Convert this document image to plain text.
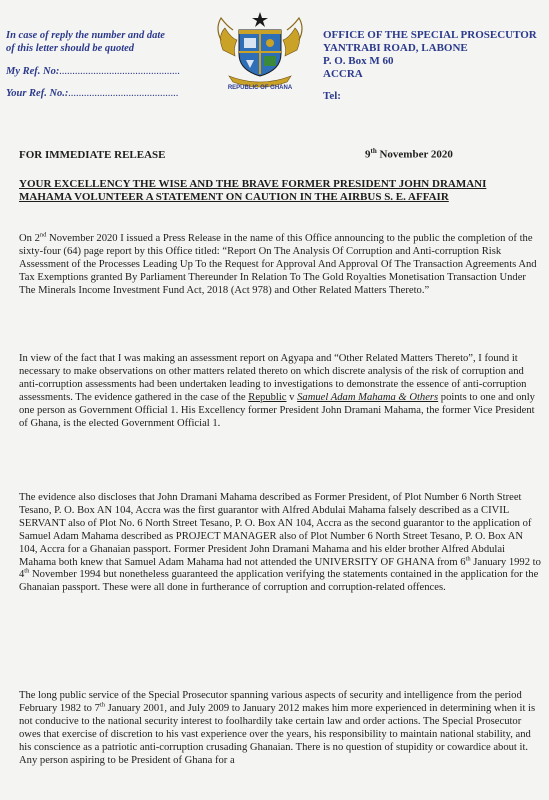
In case of reply the number and date of this letter should be quoted
My Ref. No:..............................................
Your Ref. No.:..........................................	REPUBLIC OF GHANA
OFFICE OF THE SPECIAL PROSECUTOR
YANTRABI ROAD, LABONE
P. O. Box M 60
ACCRA
Tel:
FOR IMMEDIATE RELEASE	9th November 2020
YOUR EXCELLENCY THE WISE AND THE BRAVE FORMER PRESIDENT JOHN DRAMANI MAHAMA VOLUNTEER A STATEMENT ON CAUTION IN THE AIRBUS S. E. AFFAIR
On 2nd November 2020 I issued a Press Release in the name of this Office announcing to the public the completion of the sixty-four (64) page report by this Office titled: “Report On The Analysis Of Corruption and Anti-corruption Risk Assessment of the Processes Leading Up To the Request for Approval And Approval Of The Transaction Agreements And Tax Exemptions granted By Parliament Thereunder In Relation To The Gold Royalties Monetisation Transaction Under The Minerals Income Investment Fund Act, 2018 (Act 978) and Other Related Matters Thereto.”
In view of the fact that I was making an assessment report on Agyapa and “Other Related Matters Thereto”, I found it necessary to make observations on other matters related thereto on which discrete analysis of the risk of corruption and anti-corruption assessments had been undertaken leading to investigations to demonstrate the essence of anti-corruption assessments. The evidence gathered in the case of the Republic v Samuel Adam Mahama & Others points to one and only one person as Government Official 1. His Excellency former President John Dramani Mahama, the former Vice President of Ghana, is the elected Government Official 1.
The evidence also discloses that John Dramani Mahama described as Former President, of Plot Number 6 North Street Tesano, P. O. Box AN 104, Accra was the first guarantor with Alfred Abdulai Mahama falsely described as a CIVIL SERVANT also of Plot No. 6 North Street Tesano, P. O. Box AN 104, Accra as the second guarantor to the application of Samuel Adam Mahama described as PROJECT MANAGER also of Plot Number 6 North Street Tesano, P. O. Box AN 104, Accra for a Ghanaian passport. Former President John Dramani Mahama and his elder brother Alfred Abdulai Mahama both knew that Samuel Adam Mahama had not attended the UNIVERSITY OF GHANA from 6th January 1992 to 4th November 1994 but nonetheless guaranteed the application verifying the statements contained in the application for the Ghanaian passport. These were all done in furtherance of corruption and corruption-related offences.
The long public service of the Special Prosecutor spanning various aspects of security and intelligence from the period February 1982 to 7th January 2001, and July 2009 to January 2012 makes him more experienced in determining when it is not conducive to the national security interest to foolhardily take certain law and order actions. The Special Prosecutor owes that exercise of discretion to his vast experience over the years, his responsibility to maintain national stability, and his conscience as a patriotic anti-corruption crusading Ghanaian. There is no question of stupidity or cowardice about it. Any person aspiring to be President of Ghana for a
